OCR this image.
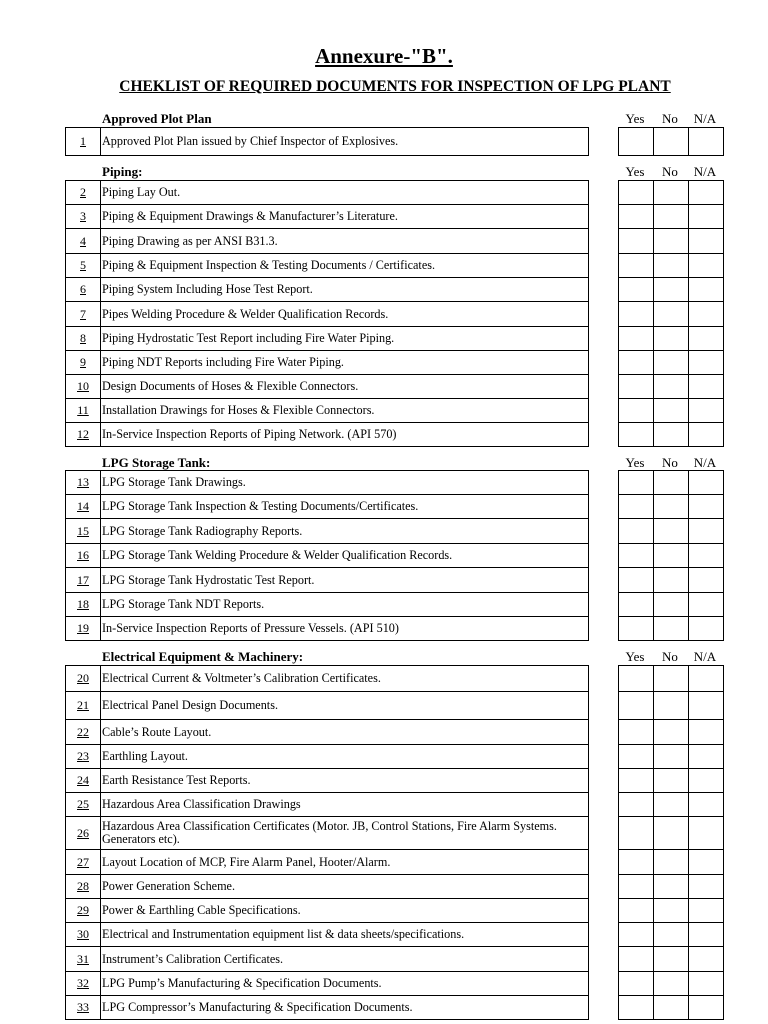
Annexure-"B".
CHEKLIST OF REQUIRED DOCUMENTS FOR INSPECTION OF LPG PLANT
Approved Plot Plan	Yes	No	N/A
1	Approved Plot Plan issued by Chief Inspector of Explosives.
Piping:	Yes	No	N/A
2	Piping Lay Out.
3	Piping & Equipment Drawings & Manufacturer’s Literature.
4	Piping Drawing as per ANSI B31.3.
5	Piping & Equipment Inspection & Testing Documents / Certificates.
6	Piping System Including Hose Test Report.
7	Pipes Welding Procedure & Welder Qualification Records.
8	Piping Hydrostatic Test Report including Fire Water Piping.
9	Piping NDT Reports including Fire Water Piping.
10	Design Documents of Hoses & Flexible Connectors.
11	Installation Drawings for Hoses & Flexible Connectors.
12	In-Service Inspection Reports of Piping Network. (API 570)
LPG Storage Tank:	Yes	No	N/A
13	LPG Storage Tank Drawings.
14	LPG Storage Tank Inspection & Testing Documents/Certificates.
15	LPG Storage Tank Radiography Reports.
16	LPG Storage Tank Welding Procedure & Welder Qualification Records.
17	LPG Storage Tank Hydrostatic Test Report.
18	LPG Storage Tank NDT Reports.
19	In-Service Inspection Reports of Pressure Vessels. (API 510)
Electrical Equipment & Machinery:	Yes	No	N/A
20	Electrical Current & Voltmeter’s Calibration Certificates.
21	Electrical Panel Design Documents.
22	Cable’s Route Layout.
23	Earthling Layout.
24	Earth Resistance Test Reports.
25	Hazardous Area Classification Drawings
26	Hazardous Area Classification Certificates (Motor. JB, Control Stations, Fire Alarm Systems. Generators etc).
27	Layout Location of MCP, Fire Alarm Panel, Hooter/Alarm.
28	Power Generation Scheme.
29	Power & Earthling Cable Specifications.
30	Electrical and Instrumentation equipment list & data sheets/specifications.
31	Instrument’s Calibration Certificates.
32	LPG Pump’s Manufacturing & Specification Documents.
33	LPG Compressor’s Manufacturing & Specification Documents.
